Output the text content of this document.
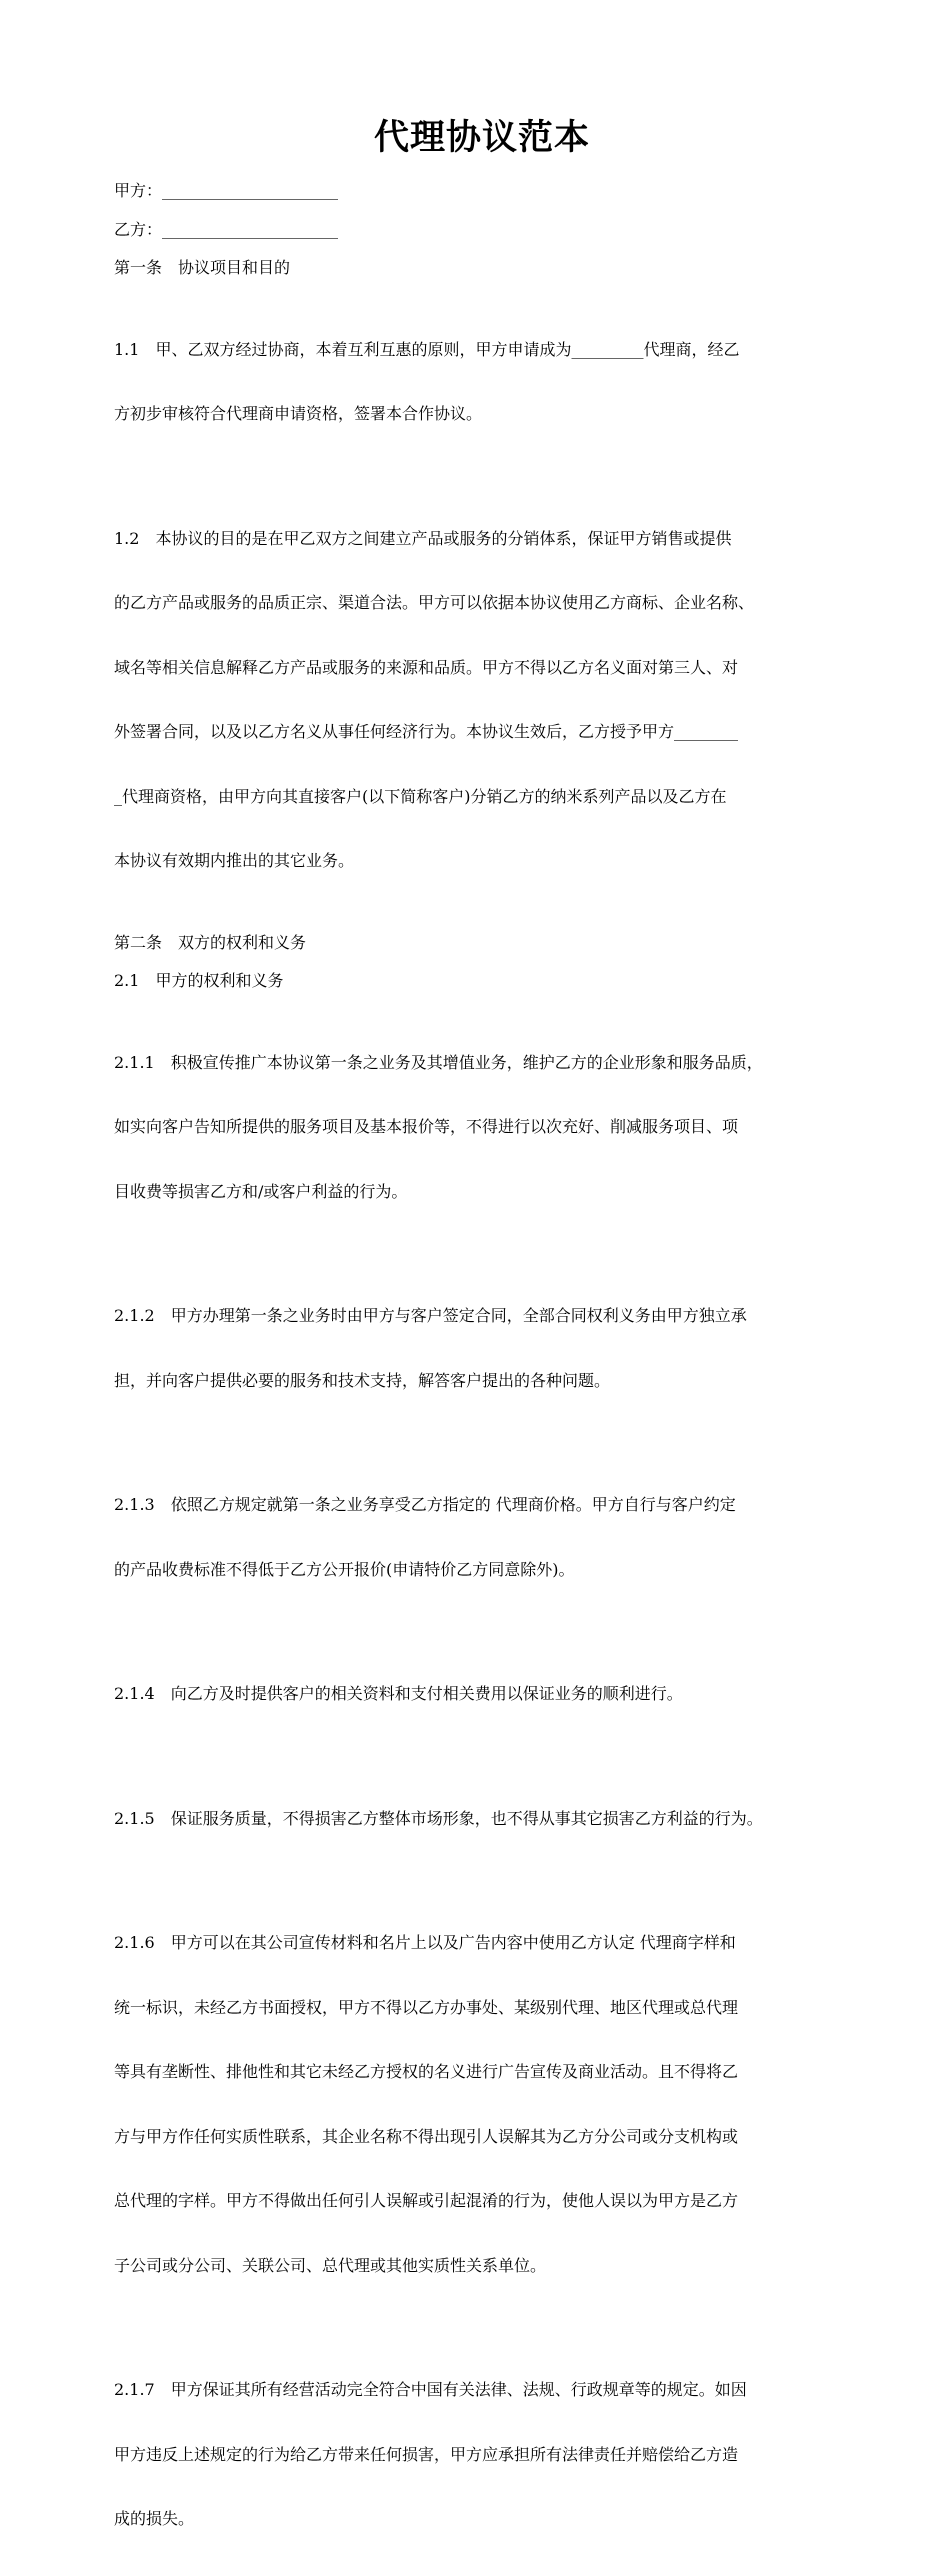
代理协议范本

甲方：______________________

乙方：______________________

第一条　协议项目和目的

1.1　甲、乙双方经过协商，本着互利互惠的原则，甲方申请成为_________代理商，经乙

方初步审核符合代理商申请资格，签署本合作协议。

1.2　本协议的目的是在甲乙双方之间建立产品或服务的分销体系，保证甲方销售或提供

的乙方产品或服务的品质正宗、渠道合法。甲方可以依据本协议使用乙方商标、企业名称、

域名等相关信息解释乙方产品或服务的来源和品质。甲方不得以乙方名义面对第三人、对

外签署合同，以及以乙方名义从事任何经济行为。本协议生效后，乙方授予甲方________

_代理商资格，由甲方向其直接客户(以下简称客户)分销乙方的纳米系列产品以及乙方在

本协议有效期内推出的其它业务。

第二条　双方的权利和义务

2.1　甲方的权利和义务

2.1.1　积极宣传推广本协议第一条之业务及其增值业务，维护乙方的企业形象和服务品质，

如实向客户告知所提供的服务项目及基本报价等，不得进行以次充好、削减服务项目、项

目收费等损害乙方和/或客户利益的行为。

2.1.2　甲方办理第一条之业务时由甲方与客户签定合同，全部合同权利义务由甲方独立承

担，并向客户提供必要的服务和技术支持，解答客户提出的各种问题。

2.1.3　依照乙方规定就第一条之业务享受乙方指定的 代理商价格。甲方自行与客户约定

的产品收费标准不得低于乙方公开报价(申请特价乙方同意除外)。

2.1.4　向乙方及时提供客户的相关资料和支付相关费用以保证业务的顺利进行。

2.1.5　保证服务质量，不得损害乙方整体市场形象，也不得从事其它损害乙方利益的行为。

2.1.6　甲方可以在其公司宣传材料和名片上以及广告内容中使用乙方认定 代理商字样和

统一标识，未经乙方书面授权，甲方不得以乙方办事处、某级别代理、地区代理或总代理

等具有垄断性、排他性和其它未经乙方授权的名义进行广告宣传及商业活动。且不得将乙

方与甲方作任何实质性联系，其企业名称不得出现引人误解其为乙方分公司或分支机构或

总代理的字样。甲方不得做出任何引人误解或引起混淆的行为，使他人误以为甲方是乙方

子公司或分公司、关联公司、总代理或其他实质性关系单位。

2.1.7　甲方保证其所有经营活动完全符合中国有关法律、法规、行政规章等的规定。如因

甲方违反上述规定的行为给乙方带来任何损害，甲方应承担所有法律责任并赔偿给乙方造

成的损失。
